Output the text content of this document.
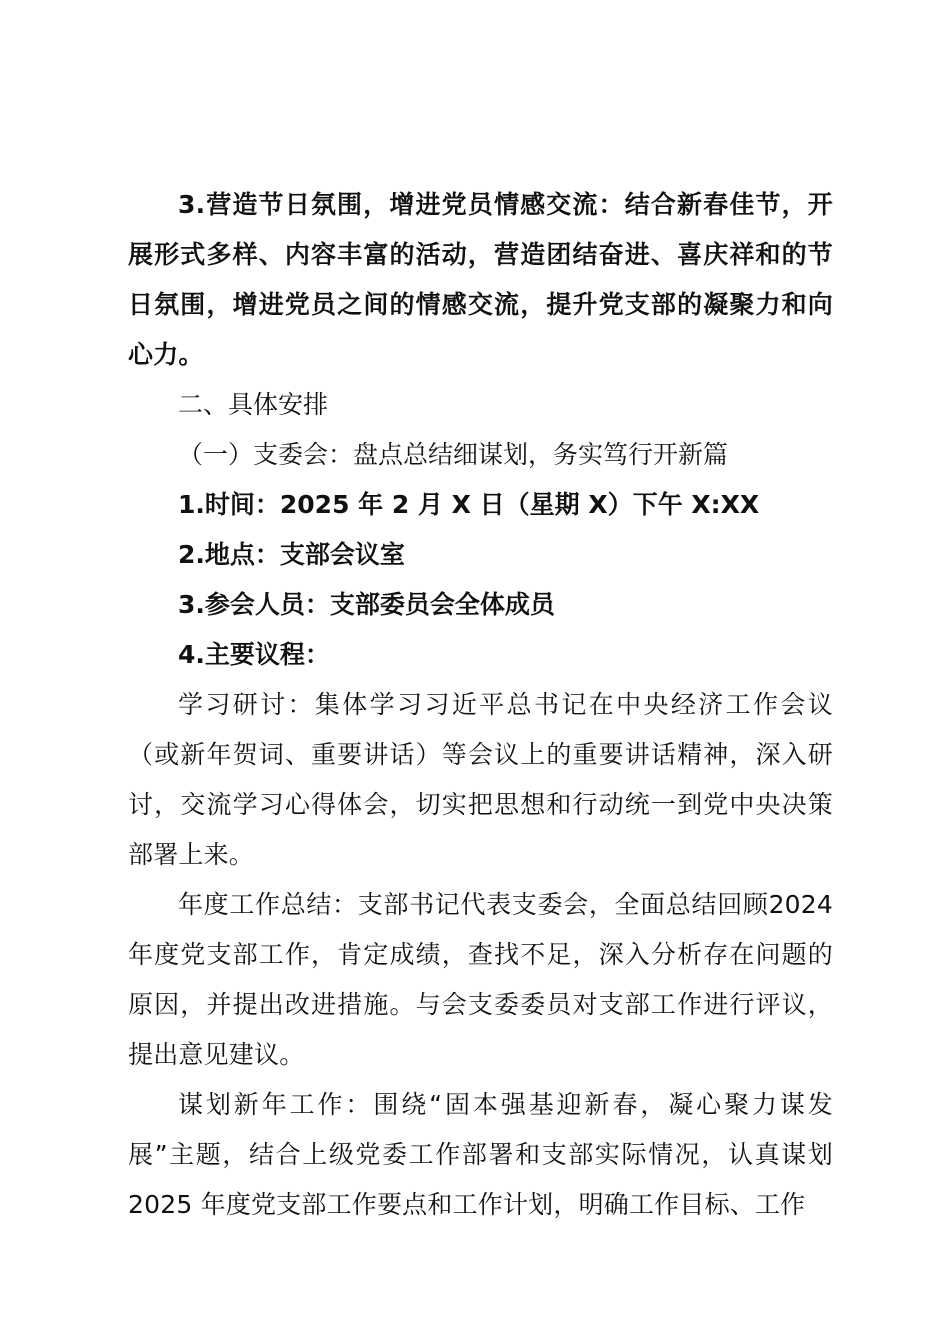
3.营造节日氛围，增进党员情感交流：结合新春佳节，开展形式多样、内容丰富的活动，营造团结奋进、喜庆祥和的节日氛围，增进党员之间的情感交流，提升党支部的凝聚力和向心力。

二、具体安排

（一）支委会：盘点总结细谋划，务实笃行开新篇

1.时间：2025 年 2 月 X 日（星期 X）下午 X:XX

2.地点：支部会议室

3.参会人员：支部委员会全体成员

4.主要议程：

学习研讨：集体学习习近平总书记在中央经济工作会议（或新年贺词、重要讲话）等会议上的重要讲话精神，深入研讨，交流学习心得体会，切实把思想和行动统一到党中央决策部署上来。

年度工作总结：支部书记代表支委会，全面总结回顾2024 年度党支部工作，肯定成绩，查找不足，深入分析存在问题的原因，并提出改进措施。与会支委委员对支部工作进行评议，提出意见建议。

谋划新年工作：围绕“固本强基迎新春，凝心聚力谋发展”主题，结合上级党委工作部署和支部实际情况，认真谋划2025 年度党支部工作要点和工作计划，明确工作目标、工作
